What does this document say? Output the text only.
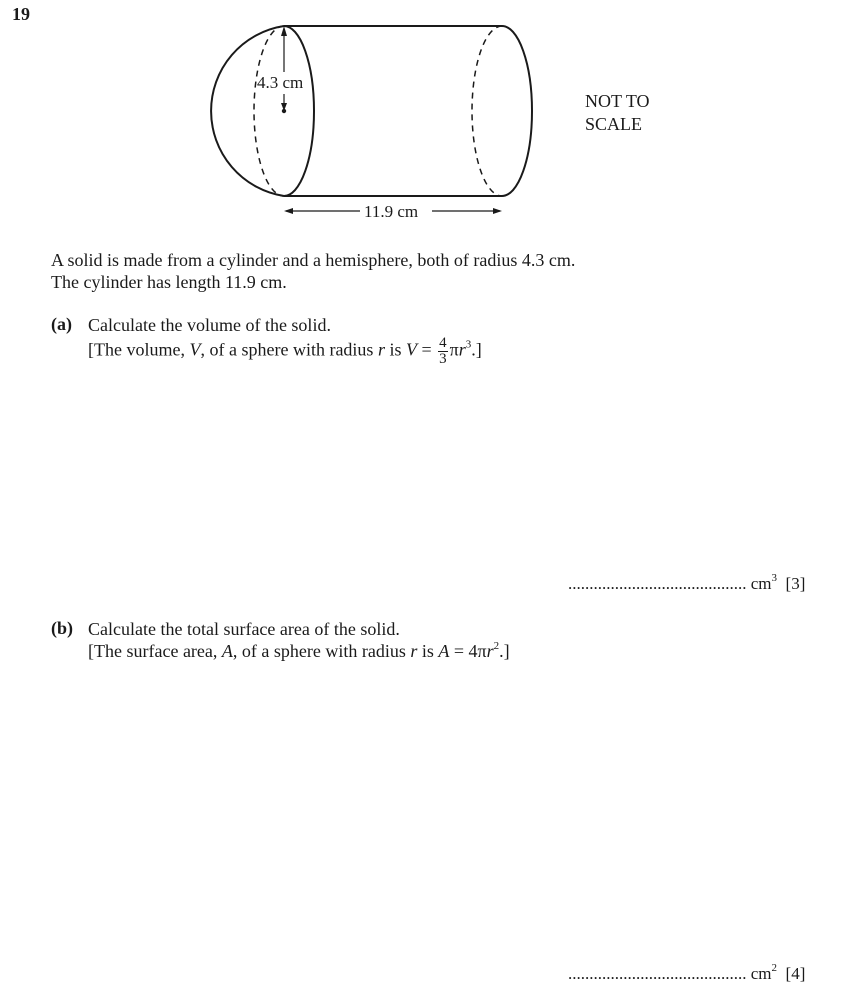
19
4.3 cm
11.9 cm
NOT TO
SCALE
A solid is made from a cylinder and a hemisphere, both of radius 4.3 cm.
The cylinder has length 11.9 cm.
(a) Calculate the volume of the solid.
[The volume, V, of a sphere with radius r is $V = \frac{4}{3} \pi r^3$.]
.......................................... $cm^3$ [3]
(b) Calculate the total surface area of the solid.
[The surface area, A, of a sphere with radius r is $A = 4\pi r^2$.]
.......................................... $cm^2$ [4]
